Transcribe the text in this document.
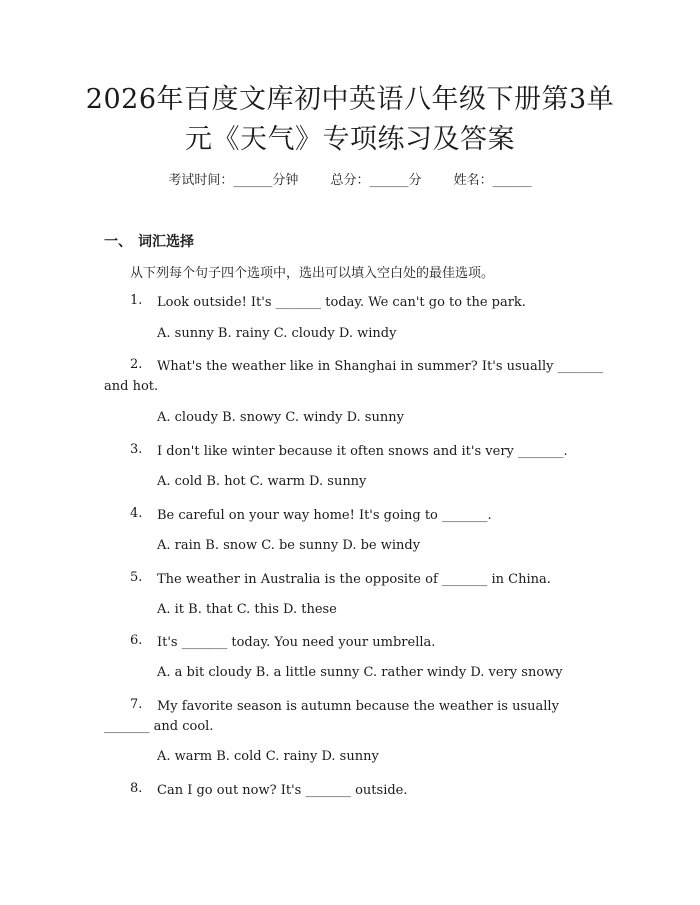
2026年百度文库初中英语八年级下册第3单
元《天气》专项练习及答案
考试时间：______分钟 总分：______分 姓名：______
一、 词汇选择
从下列每个句子四个选项中，选出可以填入空白处的最佳选项。
1.	Look outside! It's _______ today. We can't go to the park.
A. sunny B. rainy C. cloudy D. windy
2.	What's the weather like in Shanghai in summer? It's usually _______ and hot.
A. cloudy B. snowy C. windy D. sunny
3.	I don't like winter because it often snows and it's very _______.
A. cold B. hot C. warm D. sunny
4.	Be careful on your way home! It's going to _______.
A. rain B. snow C. be sunny D. be windy
5.	The weather in Australia is the opposite of _______ in China.
A. it B. that C. this D. these
6.	It's _______ today. You need your umbrella.
A. a bit cloudy B. a little sunny C. rather windy D. very snowy
7.	My favorite season is autumn because the weather is usually _______ and cool.
A. warm B. cold C. rainy D. sunny
8.	Can I go out now? It's _______ outside.
